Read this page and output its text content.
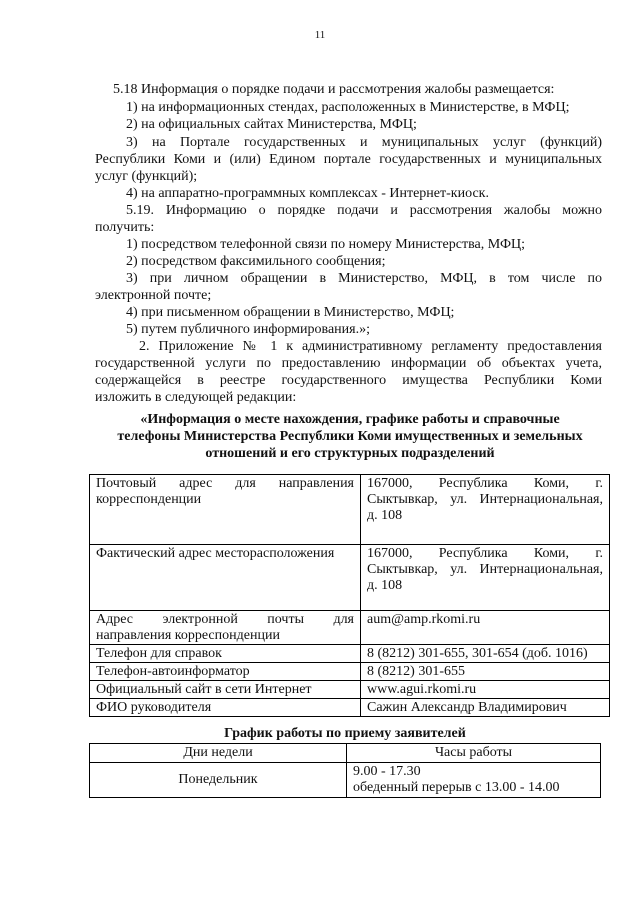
11
5.18 Информация о порядке подачи и рассмотрения жалобы размещается:
1) на информационных стендах, расположенных в Министерстве, в МФЦ;
2) на официальных сайтах Министерства, МФЦ;
3) на Портале государственных и муниципальных услуг (функций)
Республики Коми и (или) Едином портале государственных и муниципальных
услуг (функций);
4) на аппаратно-программных комплексах - Интернет-киоск.
5.19. Информацию о порядке подачи и рассмотрения жалобы можно
получить:
1) посредством телефонной связи по номеру Министерства, МФЦ;
2) посредством факсимильного сообщения;
3) при личном обращении в Министерство, МФЦ, в том числе по
электронной почте;
4) при письменном обращении в Министерство, МФЦ;
5) путем публичного информирования.»;
2. Приложение № 1 к административному регламенту предоставления
государственной услуги по предоставлению информации об объектах учета,
содержащейся в реестре государственного имущества Республики Коми
изложить в следующей редакции:
«Информация о месте нахождения, графике работы и справочные
телефоны Министерства Республики Коми имущественных и земельных
отношений и его структурных подразделений
Почтовый адрес для направления
корреспонденции	167000, Республика Коми, г.
Сыктывкар, ул. Интернациональная,
д. 108
Фактический адрес месторасположения	167000, Республика Коми, г.
Сыктывкар, ул. Интернациональная,
д. 108

Адрес электронной почты для
направления корреспонденции	aum@amp.rkomi.ru
Телефон для справок	8 (8212) 301-655, 301-654 (доб. 1016)
Телефон-автоинформатор	8 (8212) 301-655
Официальный сайт в сети Интернет	www.agui.rkomi.ru
ФИО руководителя	Сажин Александр Владимирович
График работы по приему заявителей
Дни недели	Часы работы
Понедельник	9.00 - 17.30
обеденный перерыв с 13.00 - 14.00
